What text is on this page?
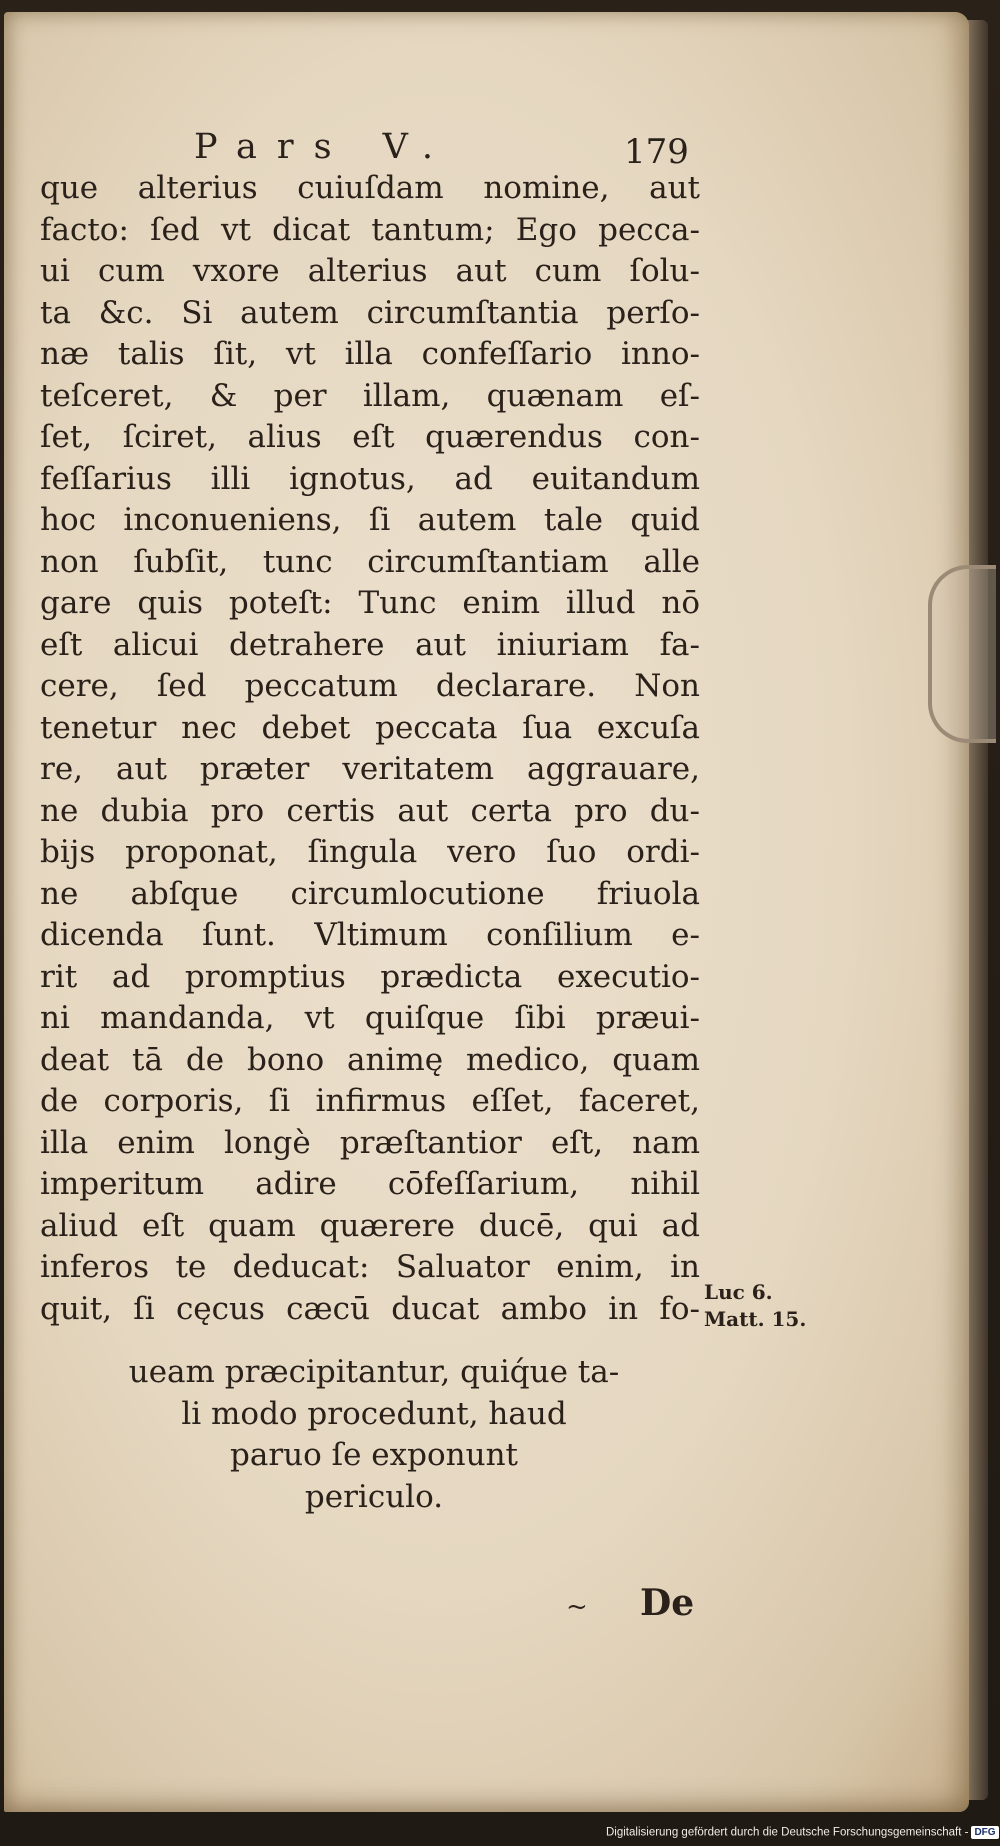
Pars V.	179
que alterius cuiuſdam nomine, aut
facto: ſed vt dicat tantum; Ego pecca-
ui cum vxore alterius aut cum ſolu-
ta &c. Si autem circumſtantia perſo-
næ talis ſit, vt illa confeſſario inno-
teſceret, & per illam, quænam eſ-
ſet, ſciret, alius eſt quærendus con-
feſſarius illi ignotus, ad euitandum
hoc inconueniens, ſi autem tale quid
non ſubſit, tunc circumſtantiam alle
gare quis poteſt: Tunc enim illud nō
eſt alicui detrahere aut iniuriam fa-
cere, ſed peccatum declarare. Non
tenetur nec debet peccata ſua excuſa
re, aut præter veritatem aggrauare,
ne dubia pro certis aut certa pro du-
bijs proponat, ſingula vero ſuo ordi-
ne abſque circumlocutione friuola
dicenda ſunt. Vltimum conſilium e-
rit ad promptius prædicta executio-
ni mandanda, vt quiſque ſibi præui-
deat tā de bono animę medico, quam
de corporis, ſi infirmus eſſet, faceret,
illa enim longè præſtantior eſt, nam
imperitum adire cōfeſſarium, nihil
aliud eſt quam quærere ducē, qui ad
inferos te deducat: Saluator enim, in
quit, ſi cęcus cæcū ducat ambo in fo-
ueam præcipitantur, quiq́ue ta-
li modo procedunt, haud
paruo ſe exponunt
periculo.
Luc 6.
Matt. 15.
~ De
Digitalisierung gefördert durch die Deutsche Forschungsgemeinschaft - DFG
